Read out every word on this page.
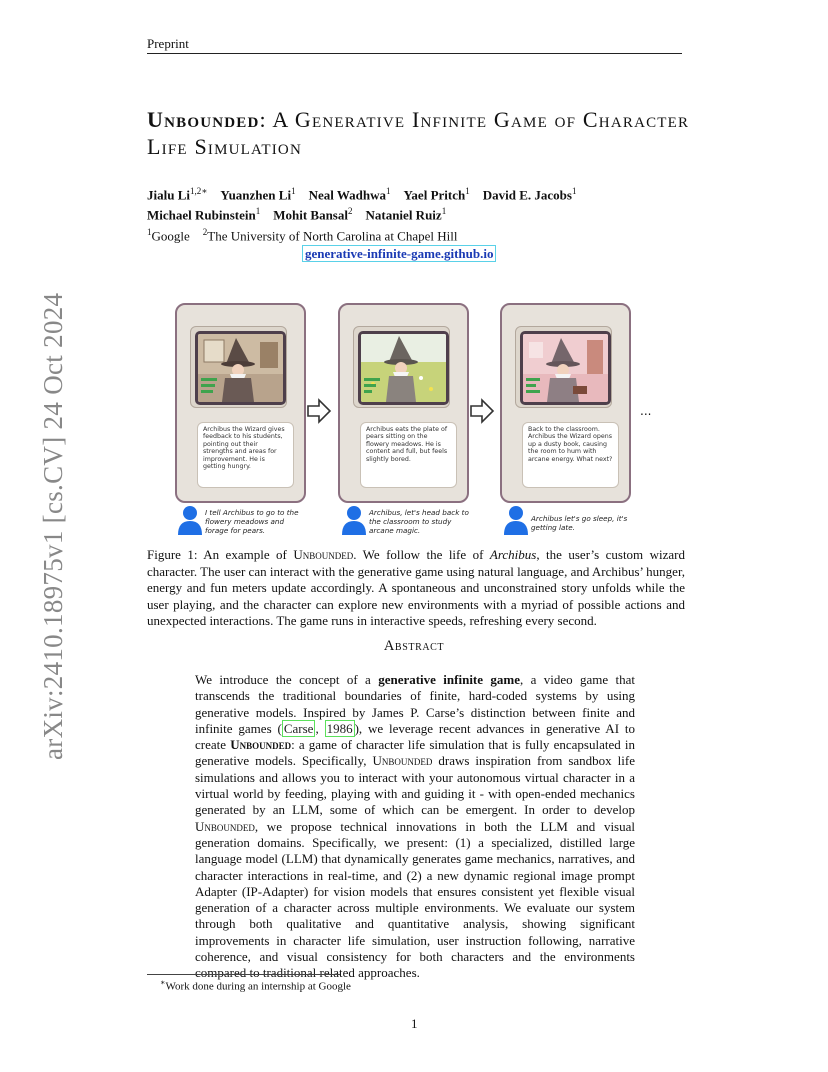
Preprint
arXiv:2410.18975v1 [cs.CV] 24 Oct 2024
Unbounded: A Generative Infinite Game of Character Life Simulation
Jialu $Li^{1,2∗}$ Yuanzhen Li$^1$ Neal Wadhwa$^1$ Yael Pritch$^1$ David E. Jacobs$^1$
Michael Rubinstein$^1$ Mohit Bansal$^2$ Nataniel Ruiz$^1$
$^1$Google $^2$The University of North Carolina at Chapel Hill
generative-infinite-game.github.io
Archibus the Wizard gives feedback to his students, pointing out their strengths and areas for improvement. He is getting hungry.
Archibus eats the plate of pears sitting on the flowery meadows. He is content and full, but feels slightly bored.
Back to the classroom. Archibus the Wizard opens up a dusty book, causing the room to hum with arcane energy. What next?
...
I tell Archibus to go to the flowery meadows and forage for pears.
Archibus, let's head back to the classroom to study arcane magic.
Archibus let's go sleep, it's getting late.
Figure 1: An example of Unbounded. We follow the life of Archibus, the user’s custom wizard character. The user can interact with the generative game using natural language, and Archibus’ hunger, energy and fun meters update accordingly. A spontaneous and unconstrained story unfolds while the user playing, and the character can explore new environments with a myriad of possible actions and unexpected interactions. The game runs in interactive speeds, refreshing every second.
Abstract
We introduce the concept of a generative infinite game, a video game that transcends the traditional boundaries of finite, hard-coded systems by using generative models. Inspired by James P. Carse’s distinction between finite and infinite games ( Carse , 1986 ), we leverage recent advances in generative AI to create Unbounded: a game of character life simulation that is fully encapsulated in generative models. Specifically, Unbounded draws inspiration from sandbox life simulations and allows you to interact with your autonomous virtual character in a virtual world by feeding, playing with and guiding it - with open-ended mechanics generated by an LLM, some of which can be emergent. In order to develop Unbounded, we propose technical innovations in both the LLM and visual generation domains. Specifically, we present: (1) a specialized, distilled large language model (LLM) that dynamically generates game mechanics, narratives, and character interactions in real-time, and (2) a new dynamic regional image prompt Adapter (IP-Adapter) for vision models that ensures consistent yet flexible visual generation of a character across multiple environments. We evaluate our system through both qualitative and quantitative analysis, showing significant improvements in character life simulation, user instruction following, narrative coherence, and visual consistency for both characters and the environments compared to traditional related approaches.
∗Work done during an internship at Google
1
